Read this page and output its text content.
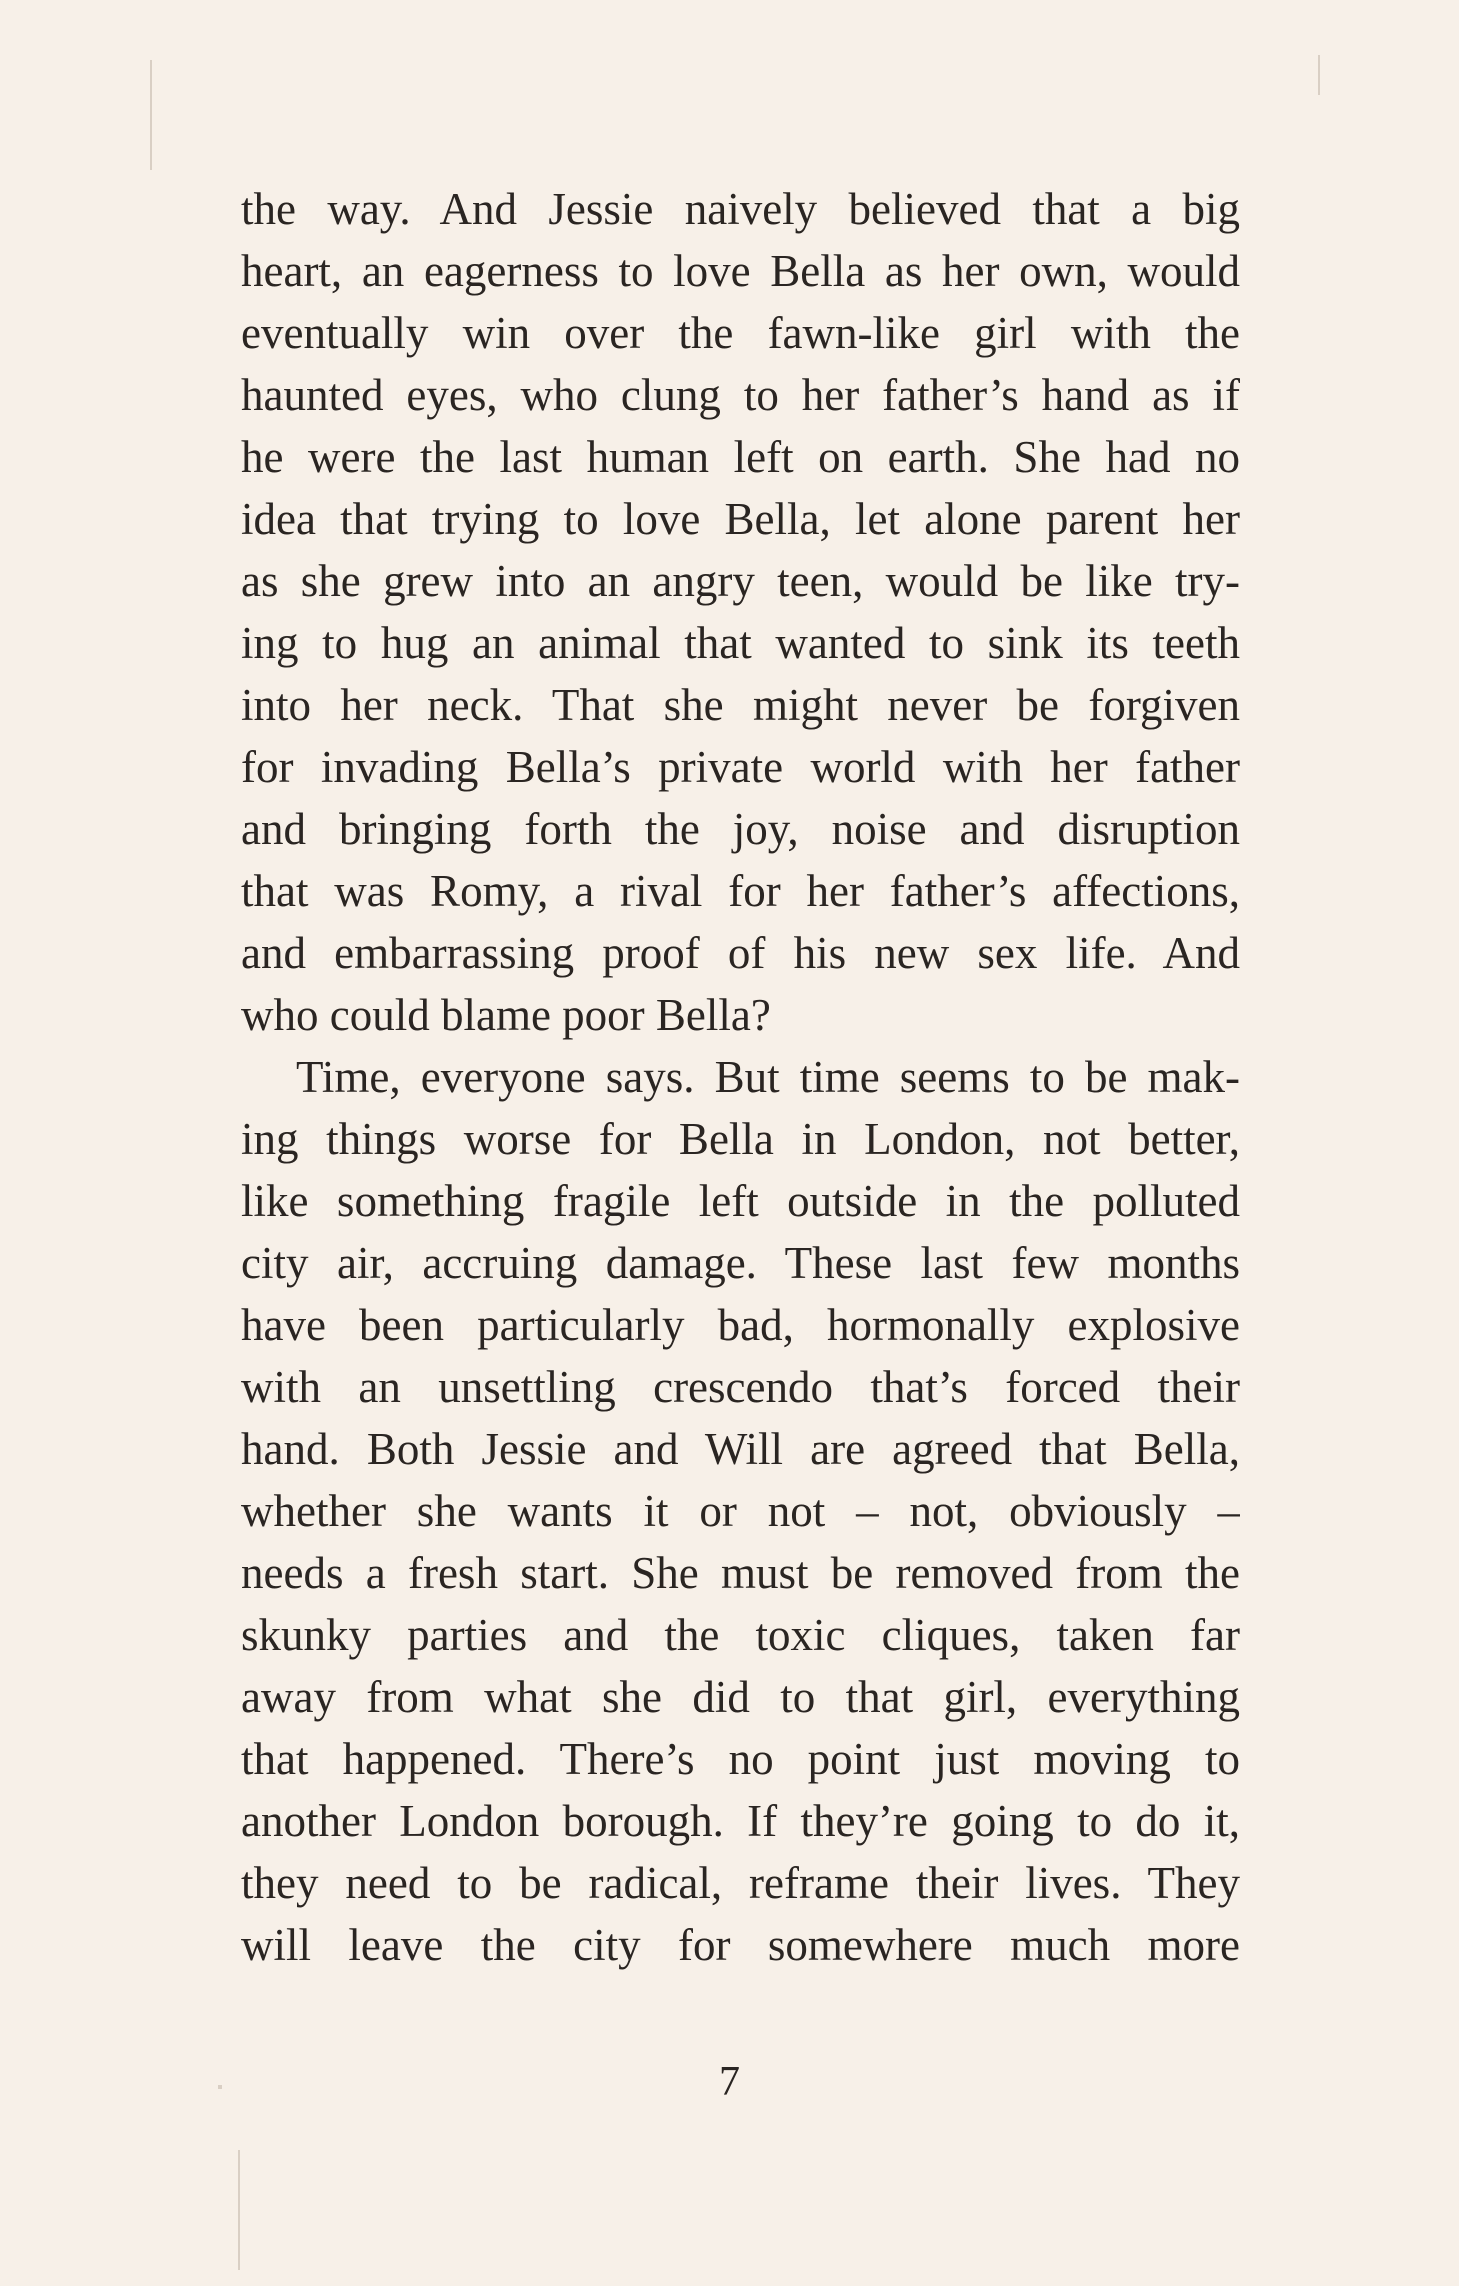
the way. And Jessie naively believed that a big
heart, an eagerness to love Bella as her own, would
eventually win over the fawn-like girl with the
haunted eyes, who clung to her father’s hand as if
he were the last human left on earth. She had no
idea that trying to love Bella, let alone parent her
as she grew into an angry teen, would be like try-
ing to hug an animal that wanted to sink its teeth
into her neck. That she might never be forgiven
for invading Bella’s private world with her father
and bringing forth the joy, noise and disruption
that was Romy, a rival for her father’s affections,
and embarrassing proof of his new sex life. And
who could blame poor Bella?
Time, everyone says. But time seems to be mak-
ing things worse for Bella in London, not better,
like something fragile left outside in the polluted
city air, accruing damage. These last few months
have been particularly bad, hormonally explosive
with an unsettling crescendo that’s forced their
hand. Both Jessie and Will are agreed that Bella,
whether she wants it or not – not, obviously –
needs a fresh start. She must be removed from the
skunky parties and the toxic cliques, taken far
away from what she did to that girl, everything
that happened. There’s no point just moving to
another London borough. If they’re going to do it,
they need to be radical, reframe their lives. They
will leave the city for somewhere much more
7
